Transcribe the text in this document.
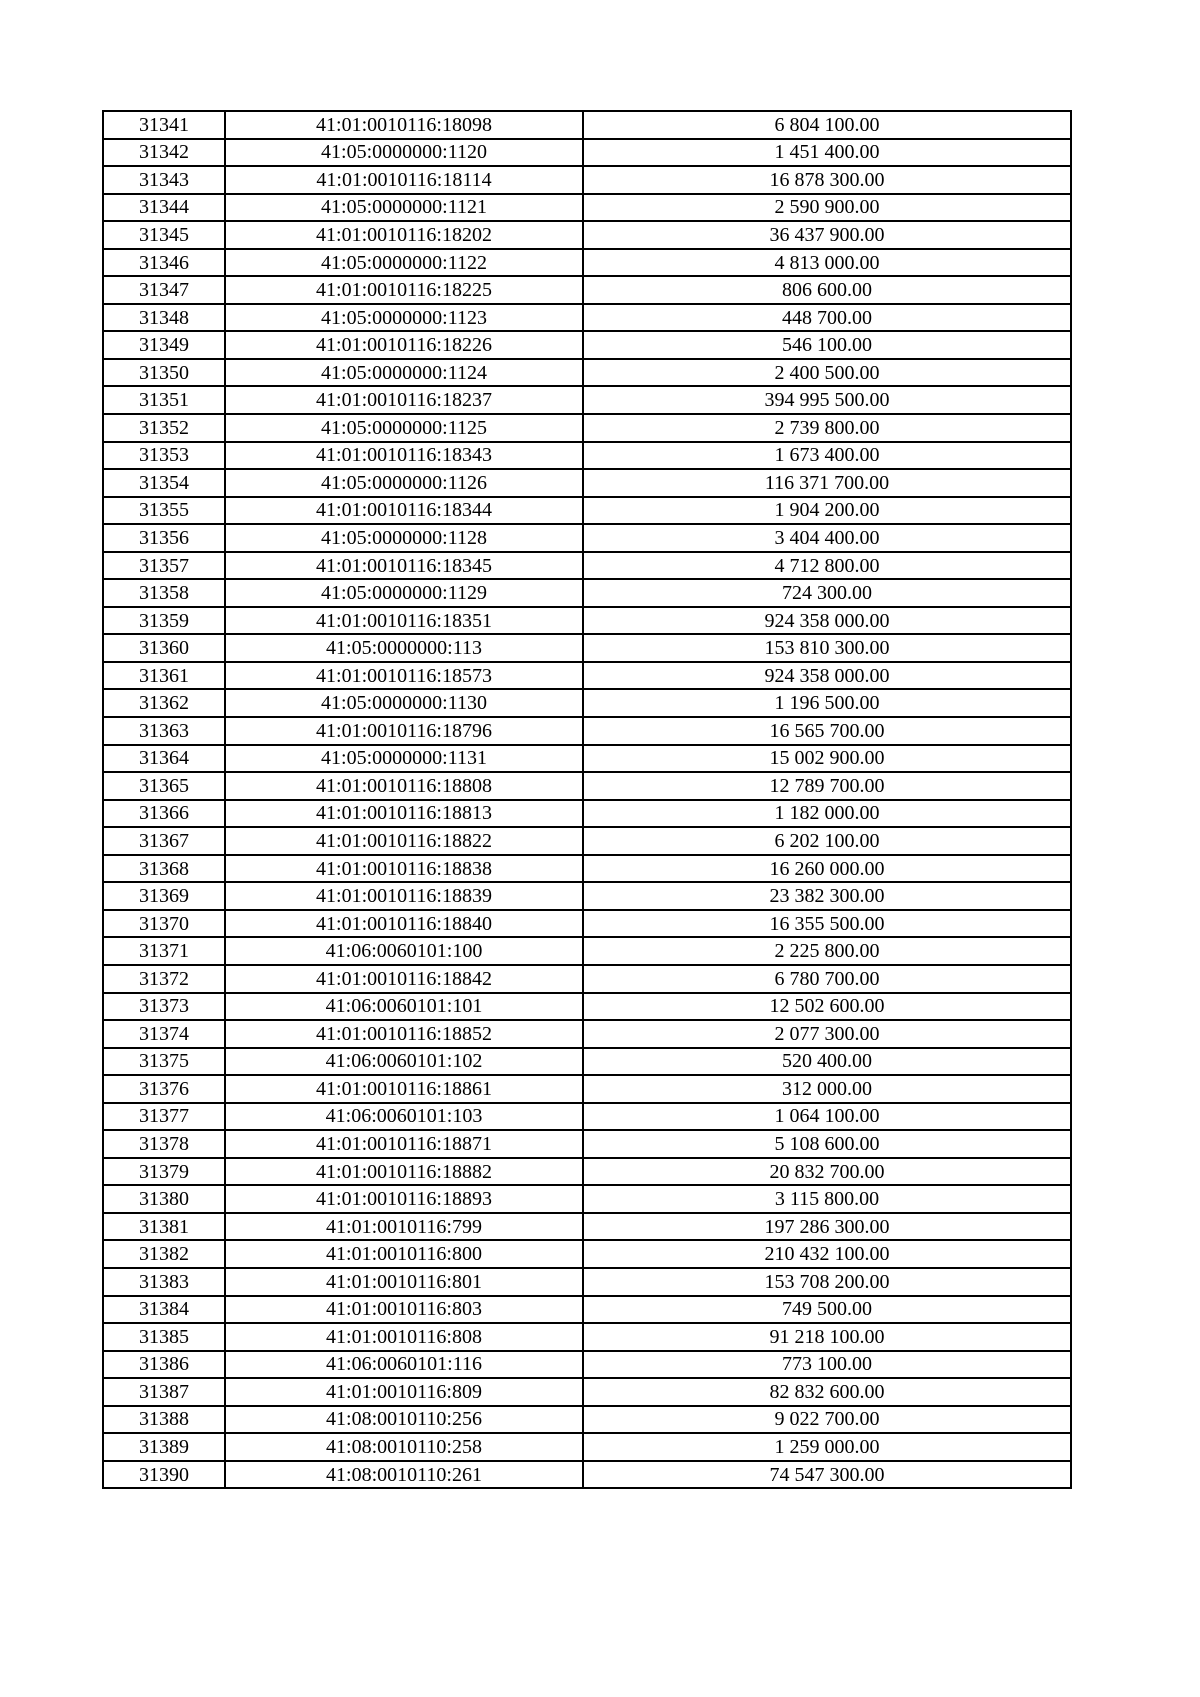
31341	41:01:0010116:18098	6 804 100.00
31342	41:05:0000000:1120	1 451 400.00
31343	41:01:0010116:18114	16 878 300.00
31344	41:05:0000000:1121	2 590 900.00
31345	41:01:0010116:18202	36 437 900.00
31346	41:05:0000000:1122	4 813 000.00
31347	41:01:0010116:18225	806 600.00
31348	41:05:0000000:1123	448 700.00
31349	41:01:0010116:18226	546 100.00
31350	41:05:0000000:1124	2 400 500.00
31351	41:01:0010116:18237	394 995 500.00
31352	41:05:0000000:1125	2 739 800.00
31353	41:01:0010116:18343	1 673 400.00
31354	41:05:0000000:1126	116 371 700.00
31355	41:01:0010116:18344	1 904 200.00
31356	41:05:0000000:1128	3 404 400.00
31357	41:01:0010116:18345	4 712 800.00
31358	41:05:0000000:1129	724 300.00
31359	41:01:0010116:18351	924 358 000.00
31360	41:05:0000000:113	153 810 300.00
31361	41:01:0010116:18573	924 358 000.00
31362	41:05:0000000:1130	1 196 500.00
31363	41:01:0010116:18796	16 565 700.00
31364	41:05:0000000:1131	15 002 900.00
31365	41:01:0010116:18808	12 789 700.00
31366	41:01:0010116:18813	1 182 000.00
31367	41:01:0010116:18822	6 202 100.00
31368	41:01:0010116:18838	16 260 000.00
31369	41:01:0010116:18839	23 382 300.00
31370	41:01:0010116:18840	16 355 500.00
31371	41:06:0060101:100	2 225 800.00
31372	41:01:0010116:18842	6 780 700.00
31373	41:06:0060101:101	12 502 600.00
31374	41:01:0010116:18852	2 077 300.00
31375	41:06:0060101:102	520 400.00
31376	41:01:0010116:18861	312 000.00
31377	41:06:0060101:103	1 064 100.00
31378	41:01:0010116:18871	5 108 600.00
31379	41:01:0010116:18882	20 832 700.00
31380	41:01:0010116:18893	3 115 800.00
31381	41:01:0010116:799	197 286 300.00
31382	41:01:0010116:800	210 432 100.00
31383	41:01:0010116:801	153 708 200.00
31384	41:01:0010116:803	749 500.00
31385	41:01:0010116:808	91 218 100.00
31386	41:06:0060101:116	773 100.00
31387	41:01:0010116:809	82 832 600.00
31388	41:08:0010110:256	9 022 700.00
31389	41:08:0010110:258	1 259 000.00
31390	41:08:0010110:261	74 547 300.00
